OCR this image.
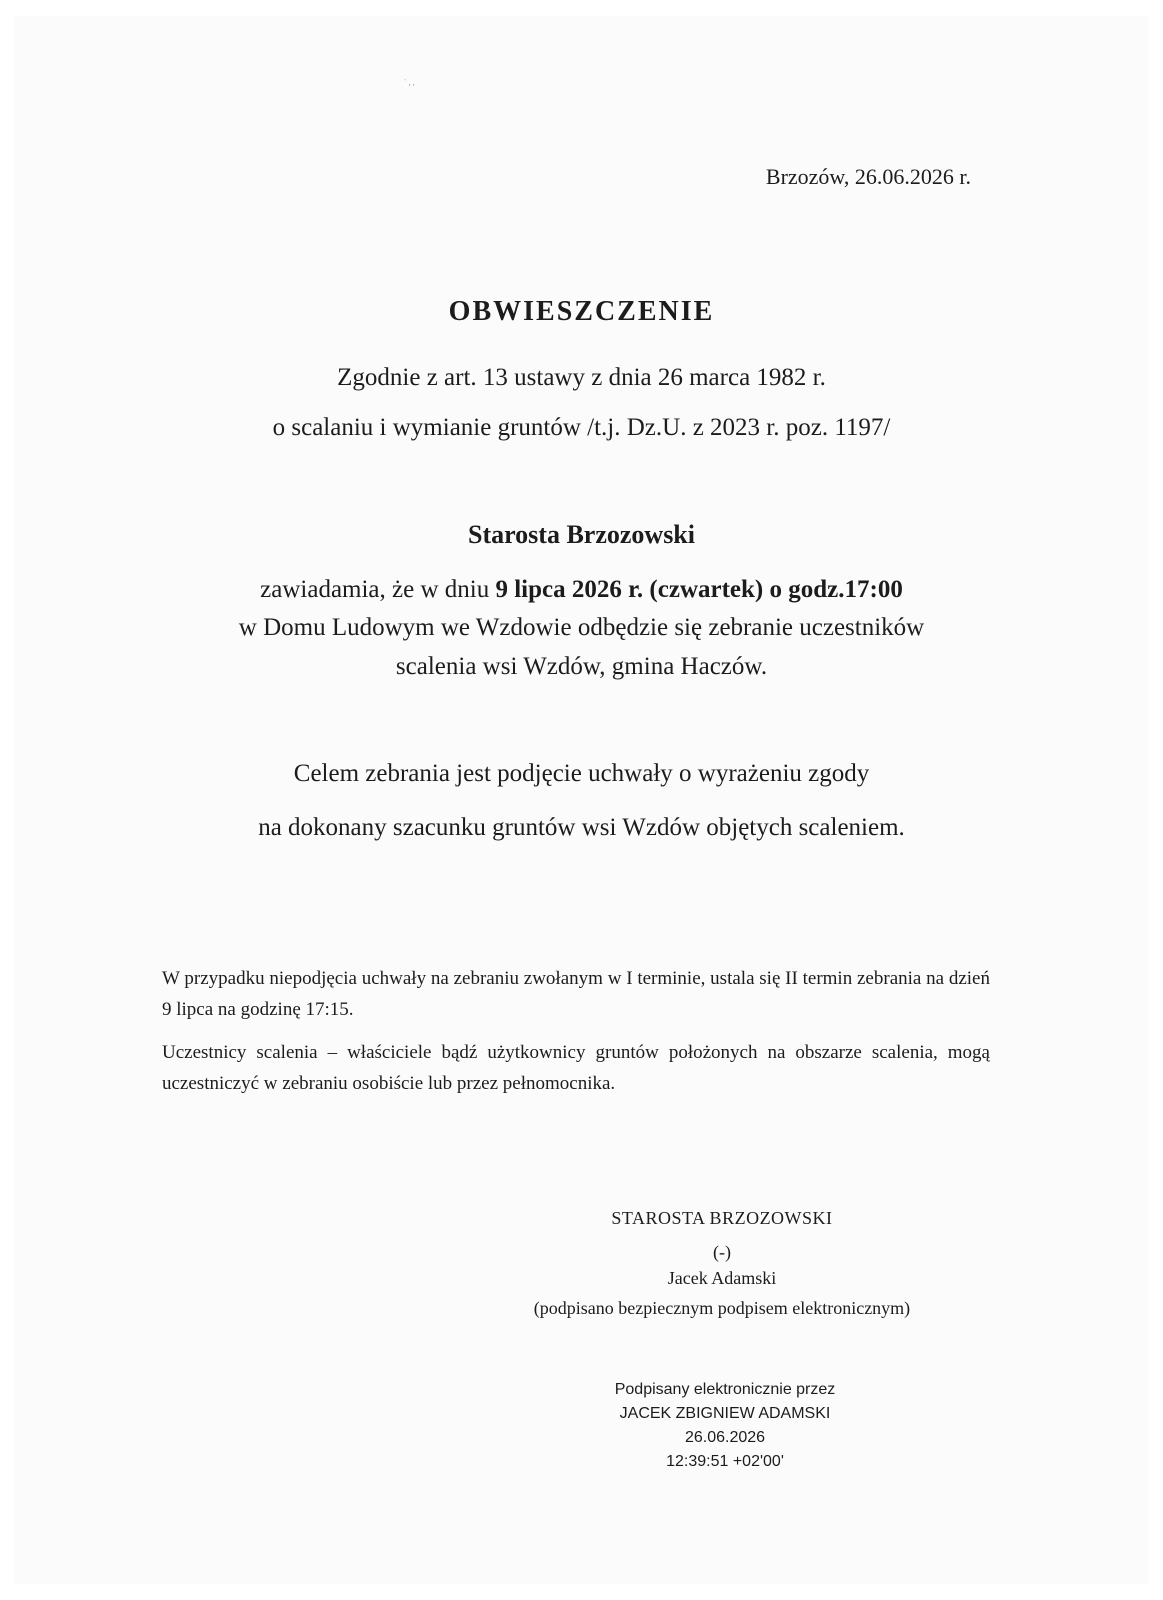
` , ,
Brzozów, 26.06.2026 r.
OBWIESZCZENIE
Zgodnie z art. 13 ustawy z dnia 26 marca 1982 r.
o scalaniu i wymianie gruntów /t.j. Dz.U. z 2023 r. poz. 1197/
Starosta Brzozowski
zawiadamia, że w dniu 9 lipca 2026 r. (czwartek) o godz.17:00
w Domu Ludowym we Wzdowie odbędzie się zebranie uczestników
scalenia wsi Wzdów, gmina Haczów.
Celem zebrania jest podjęcie uchwały o wyrażeniu zgody
na dokonany szacunku gruntów wsi Wzdów objętych scaleniem.
W przypadku niepodjęcia uchwały na zebraniu zwołanym w I terminie, ustala się II termin zebrania na dzień 9 lipca na godzinę 17:15.
Uczestnicy scalenia – właściciele bądź użytkownicy gruntów położonych na obszarze scalenia, mogą uczestniczyć w zebraniu osobiście lub przez pełnomocnika.
STAROSTA BRZOZOWSKI
(-)
Jacek Adamski
(podpisano bezpiecznym podpisem elektronicznym)
Podpisany elektronicznie przez
JACEK ZBIGNIEW ADAMSKI
26.06.2026
12:39:51 +02'00'
